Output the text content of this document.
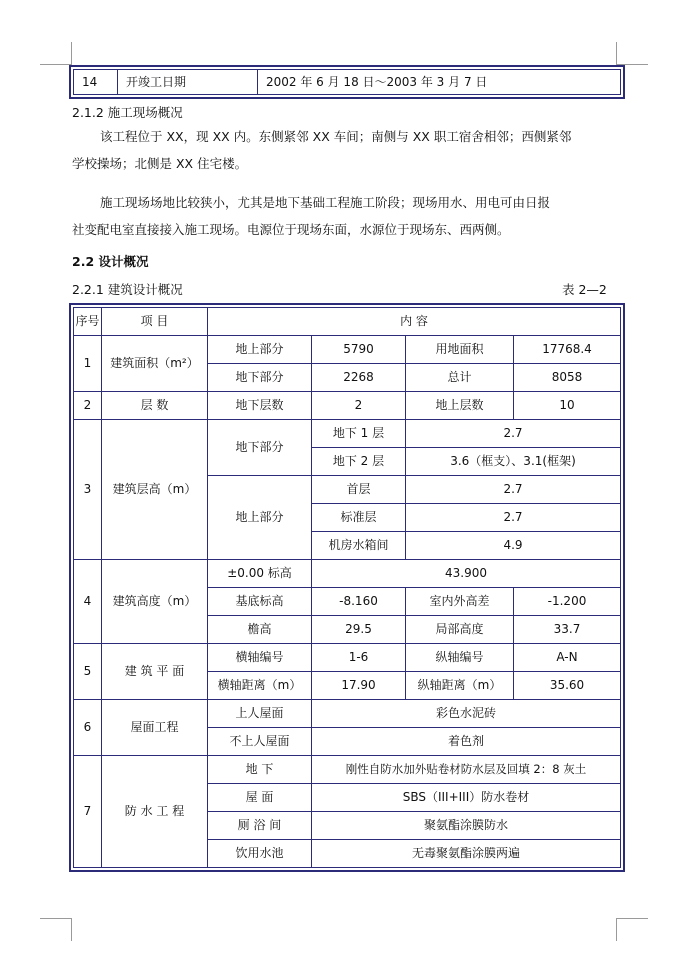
14	开竣工日期	2002 年 6 月 18 日～2003 年 3 月 7 日
2.1.2 施工现场概况
该工程位于 XX，现 XX 内。东侧紧邻 XX 车间；南侧与 XX 职工宿舍相邻；西侧紧邻
学校操场；北侧是 XX 住宅楼。
施工现场场地比较狭小，尤其是地下基础工程施工阶段；现场用水、用电可由日报
社变配电室直接接入施工现场。电源位于现场东面，水源位于现场东、西两侧。
2.2 设计概况
2.2.1 建筑设计概况	表 2—2
序号	项 目	内 容			
1	建筑面积（m²）	地上部分	5790	用地面积	17768.4
		地下部分	2268	总计	8058
2	层 数	地下层数	2	地上层数	10
3	建筑层高（m）	地下部分	地下 1 层	2.7	
			地下 2 层	3.6（框支）、3.1(框架)	
		地上部分	首层	2.7	
			标准层	2.7	
			机房水箱间	4.9	
4	建筑高度（m）	±0.00 标高	43.900		
		基底标高	-8.160	室内外高差	-1.200
		檐高	29.5	局部高度	33.7
5	建 筑 平 面	横轴编号	1-6	纵轴编号	A-N
		横轴距离（m）	17.90	纵轴距离（m）	35.60
6	屋面工程	上人屋面	彩色水泥砖		
		不上人屋面	着色剂		
7	防 水 工 程	地 下	刚性自防水加外贴卷材防水层及回填 2：8 灰土		
		屋 面	SBS（III+III）防水卷材		
		厕 浴 间	聚氨酯涂膜防水		
		饮用水池	无毒聚氨酯涂膜两遍		
